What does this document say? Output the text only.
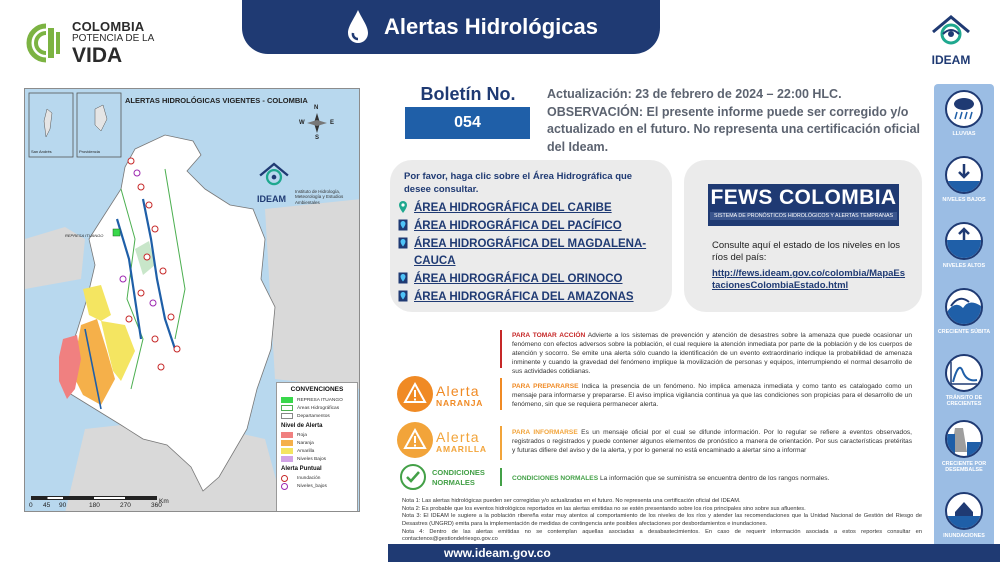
COLOMBIA
POTENCIA DE LA
VIDA
Alertas Hidrológicas
IDEAM
ALERTAS HIDROLÓGICAS VIGENTES - COLOMBIA
N
S
W	E
San Andrés	Providencia
REPRESA ITUANGO
IDEAM
Instituto de Hidrología, Meteorología y Estudios Ambientales
CONVENCIONES
REPRESA ITUANGO
Áreas Hidrográficas
Departamentos
Nivel de Alerta
Roja
Naranja
Amarilla
Niveles Bajos
Alerta Puntual
Inundación
Niveles_bajos
0 45 90	180	270	360
Km
Boletín No.
054
Actualización: 23 de febrero de 2024 – 22:00 HLC.
OBSERVACIÓN: El presente informe puede ser corregido y/o actualizado en el futuro. No representa una certificación oficial del Ideam.
Por favor, haga clic sobre el Área Hidrográfica que desee consultar.
ÁREA HIDROGRÁFICA DEL CARIBE
ÁREA HIDROGRÁFICA DEL PACÍFICO
ÁREA HIDROGRÁFICA DEL MAGDALENA-CAUCA
ÁREA HIDROGRÁFICA DEL ORINOCO
ÁREA HIDROGRÁFICA DEL AMAZONAS
FEWS COLOMBIA
SISTEMA DE PRONÓSTICOS HIDROLÓGICOS Y ALERTAS TEMPRANAS
Consulte aquí el estado de los niveles en los ríos del país:
http://fews.ideam.gov.co/colombia/MapaEstacionesColombiaEstado.html
PARA TOMAR ACCIÓN Advierte a los sistemas de prevención y atención de desastres sobre la amenaza que puede ocasionar un fenómeno con efectos adversos sobre la población, el cual requiere la atención inmediata por parte de la población y de los cuerpos de atención y socorro. Se emite una alerta sólo cuando la identificación de un evento extraordinario indique la probabilidad de amenaza inminente y cuando la gravedad del fenómeno implique la movilización de personas y equipos, interrumpiendo el normal desarrollo de sus actividades cotidianas.
Alerta
NARANJA
PARA PREPARARSE Indica la presencia de un fenómeno. No implica amenaza inmediata y como tanto es catalogado como un mensaje para informarse y prepararse. El aviso implica vigilancia continua ya que las condiciones son propicias para el desarrollo de un fenómeno, sin que se requiera permanecer alerta.
Alerta
AMARILLA
PARA INFORMARSE Es un mensaje oficial por el cual se difunde información. Por lo regular se refiere a eventos observados, registrados o registrados y puede contener algunos elementos de pronóstico a manera de orientación. Por sus características pretéritas y futuras difiere del aviso y de la alerta, y por lo general no está encaminado a alertar sino a informar
CONDICIONES
NORMALES	CONDICIONES NORMALES La información que se suministra se encuentra dentro de los rangos normales.
Nota 1: Las alertas hidrológicas pueden ser corregidas y/o actualizadas en el futuro. No representa una certificación oficial del IDEAM.
Nota 2: Es probable que los eventos hidrológicos reportados en las alertas emitidas no se estén presentando sobre los ríos principales sino sobre sus afluentes.
Nota 3: El IDEAM le sugiere a la población ribereña estar muy atentos al comportamiento de los niveles de los ríos y atender las recomendaciones que la Unidad Nacional de Gestión del Riesgo de Desastres (UNGRD) emita para la implementación de medidas de contingencia ante posibles afectaciones por desbordamientos e inundaciones.
Nota 4: Dentro de las alertas emitidas no se contemplan aquellas asociadas a desabastecimientos. En caso de requerir información asociada a estos reportes consultar en contactenos@gestiondelriesgo.gov.co
LLUVIAS
NIVELES BAJOS
NIVELES ALTOS
CRECIENTE SÚBITA
TRÁNSITO DE CRECIENTES
CRECIENTE POR DESEMBALSE
INUNDACIONES
www.ideam.gov.co
